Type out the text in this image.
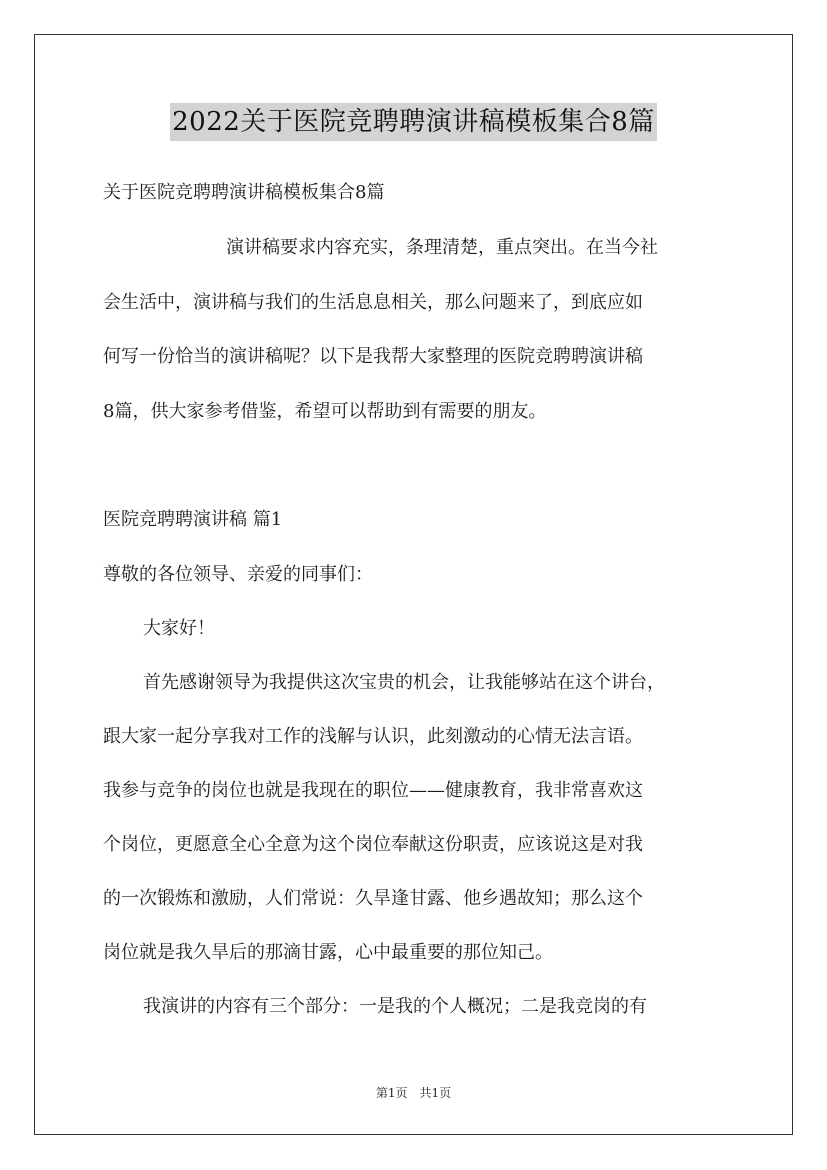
2022关于医院竞聘聘演讲稿模板集合8篇
关于医院竞聘聘演讲稿模板集合8篇
演讲稿要求内容充实，条理清楚，重点突出。在当今社
会生活中，演讲稿与我们的生活息息相关，那么问题来了，到底应如
何写一份恰当的演讲稿呢？以下是我帮大家整理的医院竞聘聘演讲稿
8篇，供大家参考借鉴，希望可以帮助到有需要的朋友。
医院竞聘聘演讲稿 篇1
尊敬的各位领导、亲爱的同事们：
大家好！
首先感谢领导为我提供这次宝贵的机会，让我能够站在这个讲台，
跟大家一起分享我对工作的浅解与认识，此刻激动的心情无法言语。
我参与竞争的岗位也就是我现在的职位——健康教育，我非常喜欢这
个岗位，更愿意全心全意为这个岗位奉献这份职责，应该说这是对我
的一次锻炼和激励，人们常说：久旱逢甘露、他乡遇故知；那么这个
岗位就是我久旱后的那滴甘露，心中最重要的那位知己。
我演讲的内容有三个部分：一是我的个人概况；二是我竞岗的有
第1页　共1页
